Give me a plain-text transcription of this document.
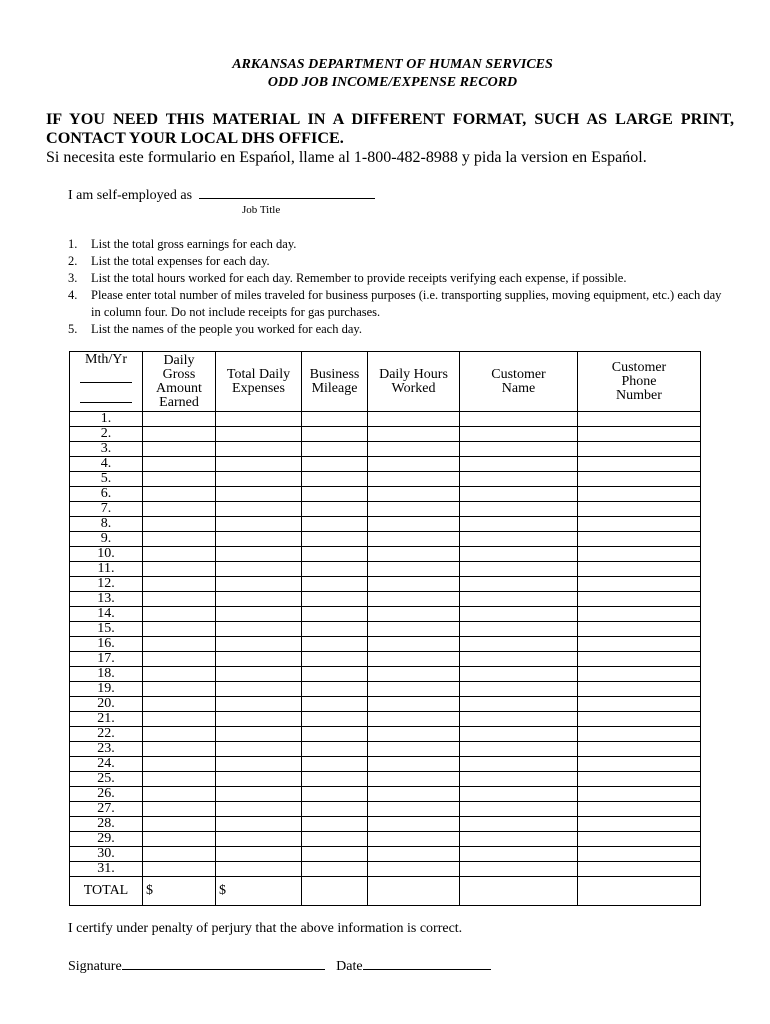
ARKANSAS DEPARTMENT OF HUMAN SERVICES
ODD JOB INCOME/EXPENSE RECORD
IF YOU NEED THIS MATERIAL IN A DIFFERENT FORMAT, SUCH AS LARGE PRINT,
CONTACT YOUR LOCAL DHS OFFICE.
Si necesita este formulario en Espańol, llame al 1-800-482-8988 y pida la version en Espańol.
I am self-employed as
Job Title
1. List the total gross earnings for each day.
2. List the total expenses for each day.
3. List the total hours worked for each day. Remember to provide receipts verifying each expense, if possible.
4. Please enter total number of miles traveled for business purposes (i.e. transporting supplies, moving equipment, etc.) each day in column four. Do not include receipts for gas purchases.
5. List the names of the people you worked for each day.
Mth/Yr	Daily Gross Amount Earned	Total Daily Expenses	Business Mileage	Daily Hours Worked	Customer Name	Customer Phone Number
1.						
2.						
3.						
4.						
5.						
6.						
7.						
8.						
9.						
10.						
11.						
12.						
13.						
14.						
15.						
16.						
17.						
18.						
19.						
20.						
21.						
22.						
23.						
24.						
25.						
26.						
27.						
28.						
29.						
30.						
31.						
TOTAL	$	$				
I certify under penalty of perjury that the above information is correct.
Signature	Date
